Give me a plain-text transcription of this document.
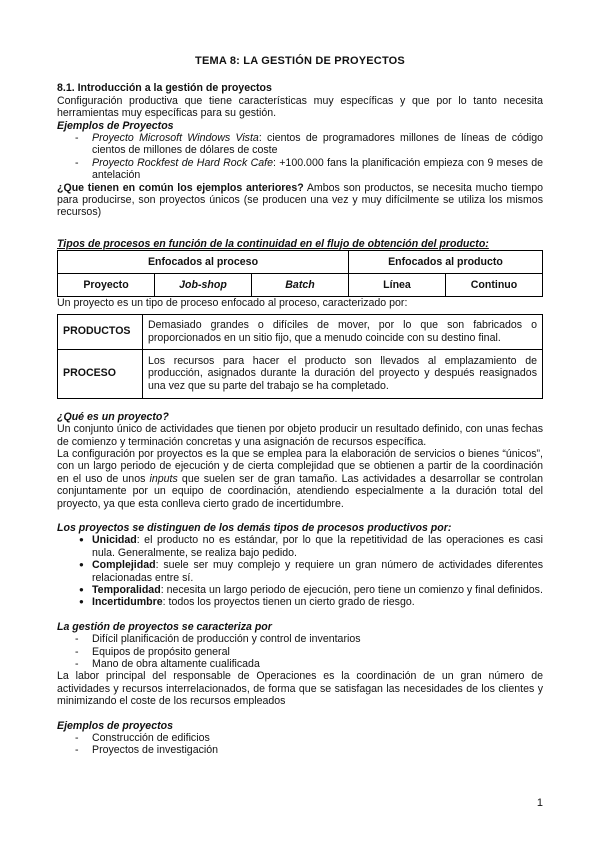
TEMA 8: LA GESTIÓN DE PROYECTOS

8.1. Introducción a la gestión de proyectos

Configuración productiva que tiene características muy específicas y que por lo tanto necesita herramientas muy específicas para su gestión.

Ejemplos de Proyectos

- Proyecto Microsoft Windows Vista: cientos de programadores millones de líneas de código cientos de millones de dólares de coste
- Proyecto Rockfest de Hard Rock Cafe: +100.000 fans la planificación empieza con 9 meses de antelación

¿Que tienen en común los ejemplos anteriores? Ambos son productos, se necesita mucho tiempo para producirse, son proyectos únicos (se producen una vez y muy difícilmente se utiliza los mismos recursos)

Tipos de procesos en función de la continuidad en el flujo de obtención del producto:

Enfocados al proceso			Enfocados al producto	
Proyecto	Job-shop	Batch	Línea	Continuo

Un proyecto es un tipo de proceso enfocado al proceso, caracterizado por:

PRODUCTOS	Demasiado grandes o difíciles de mover, por lo que son fabricados o proporcionados en un sitio fijo, que a menudo coincide con su destino final.
PROCESO	Los recursos para hacer el producto son llevados al emplazamiento de producción, asignados durante la duración del proyecto y después reasignados una vez que su parte del trabajo se ha completado.

¿Qué es un proyecto?

Un conjunto único de actividades que tienen por objeto producir un resultado definido, con unas fechas de comienzo y terminación concretas y una asignación de recursos específica.

La configuración por proyectos es la que se emplea para la elaboración de servicios o bienes “únicos”, con un largo periodo de ejecución y de cierta complejidad que se obtienen a partir de la coordinación en el uso de unos inputs que suelen ser de gran tamaño. Las actividades a desarrollar se controlan conjuntamente por un equipo de coordinación, atendiendo especialmente a la duración total del proyecto, ya que esta conlleva cierto grado de incertidumbre.

Los proyectos se distinguen de los demás tipos de procesos productivos por:

● Unicidad: el producto no es estándar, por lo que la repetitividad de las operaciones es casi nula. Generalmente, se realiza bajo pedido.
● Complejidad: suele ser muy complejo y requiere un gran número de actividades diferentes relacionadas entre sí.
● Temporalidad: necesita un largo periodo de ejecución, pero tiene un comienzo y final definidos.
● Incertidumbre: todos los proyectos tienen un cierto grado de riesgo.

La gestión de proyectos se caracteriza por

- Difícil planificación de producción y control de inventarios
- Equipos de propósito general
- Mano de obra altamente cualificada

La labor principal del responsable de Operaciones es la coordinación de un gran número de actividades y recursos interrelacionados, de forma que se satisfagan las necesidades de los clientes y minimizando el coste de los recursos empleados

Ejemplos de proyectos

- Construcción de edificios
- Proyectos de investigación
1
